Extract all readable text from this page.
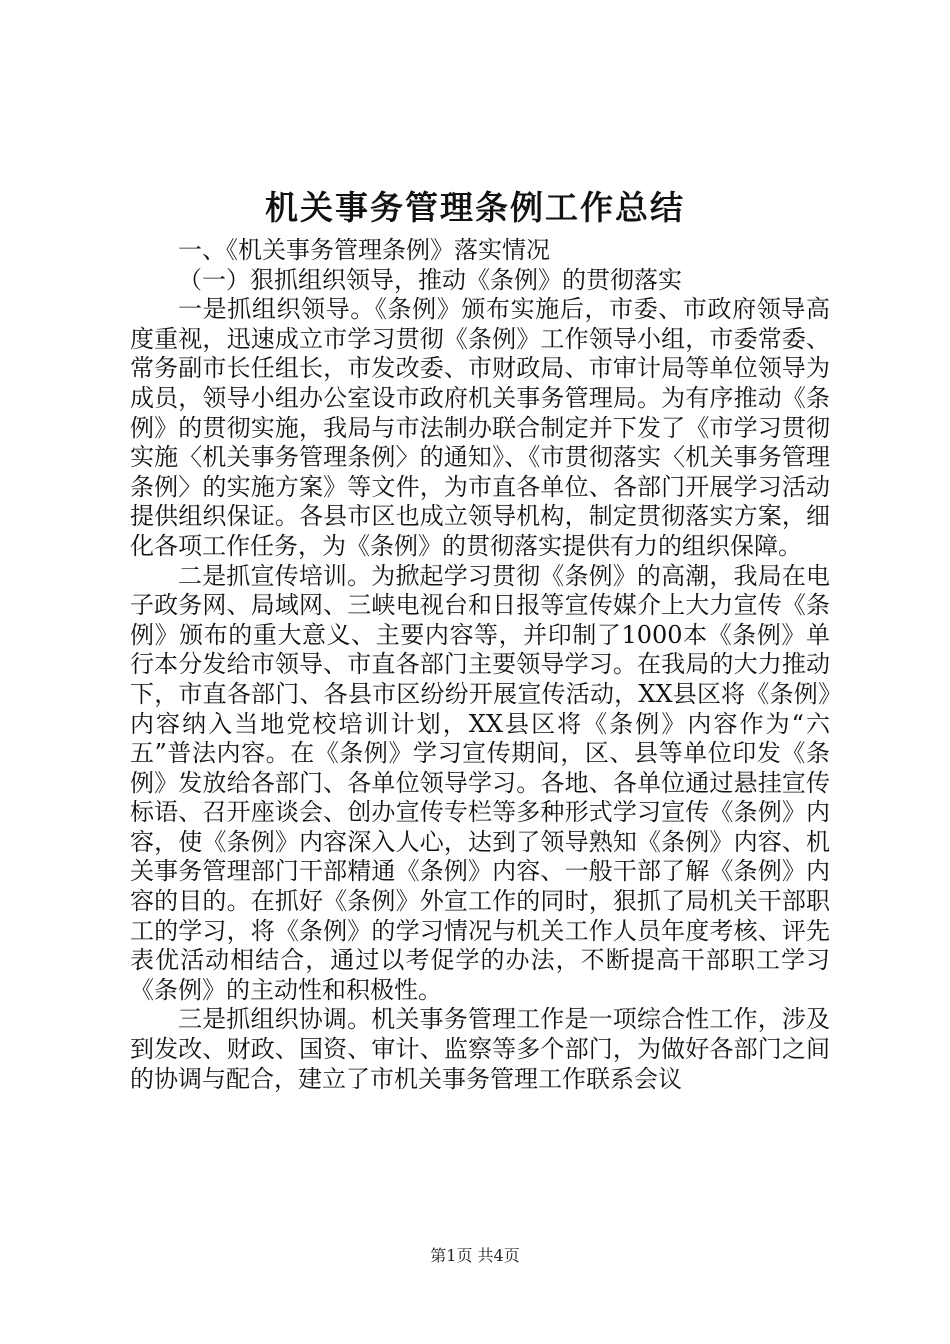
机关事务管理条例工作总结

一、《机关事务管理条例》落实情况

（一）狠抓组织领导，推动《条例》的贯彻落实

一是抓组织领导。《条例》颁布实施后，市委、市政府领导高度重视，迅速成立市学习贯彻《条例》工作领导小组，市委常委、常务副市长任组长，市发改委、市财政局、市审计局等单位领导为成员，领导小组办公室设市政府机关事务管理局。为有序推动《条例》的贯彻实施，我局与市法制办联合制定并下发了《市学习贯彻实施〈机关事务管理条例〉的通知》、《市贯彻落实〈机关事务管理条例〉的实施方案》等文件，为市直各单位、各部门开展学习活动提供组织保证。各县市区也成立领导机构，制定贯彻落实方案，细化各项工作任务，为《条例》的贯彻落实提供有力的组织保障。

二是抓宣传培训。为掀起学习贯彻《条例》的高潮，我局在电子政务网、局域网、三峡电视台和日报等宣传媒介上大力宣传《条例》颁布的重大意义、主要内容等，并印制了1000本《条例》单行本分发给市领导、市直各部门主要领导学习。在我局的大力推动下，市直各部门、各县市区纷纷开展宣传活动，XX县区将《条例》内容纳入当地党校培训计划，XX县区将《条例》内容作为“六五”普法内容。在《条例》学习宣传期间，区、县等单位印发《条例》发放给各部门、各单位领导学习。各地、各单位通过悬挂宣传标语、召开座谈会、创办宣传专栏等多种形式学习宣传《条例》内容，使《条例》内容深入人心，达到了领导熟知《条例》内容、机关事务管理部门干部精通《条例》内容、一般干部了解《条例》内容的目的。在抓好《条例》外宣工作的同时，狠抓了局机关干部职工的学习，将《条例》的学习情况与机关工作人员年度考核、评先表优活动相结合，通过以考促学的办法，不断提高干部职工学习《条例》的主动性和积极性。

三是抓组织协调。机关事务管理工作是一项综合性工作，涉及到发改、财政、国资、审计、监察等多个部门，为做好各部门之间的协调与配合，建立了市机关事务管理工作联系会议

第1页 共4页
